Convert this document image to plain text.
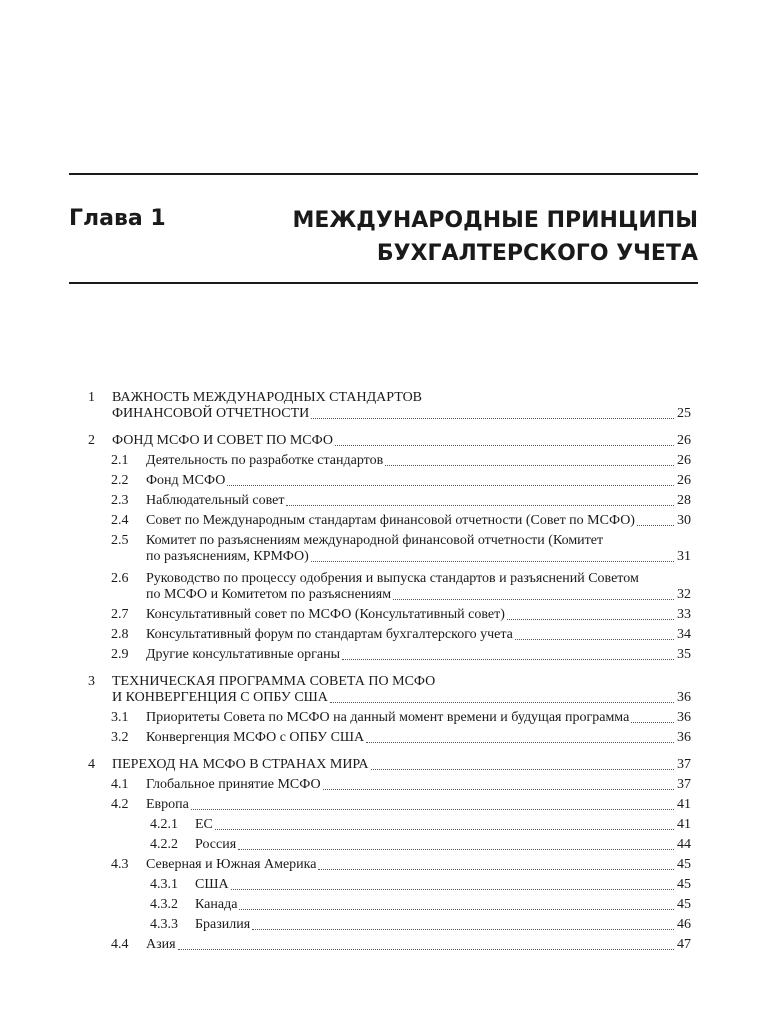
Глава 1	МЕЖДУНАРОДНЫЕ ПРИНЦИПЫ
БУХГАЛТЕРСКОГО УЧЕТА
1 ВАЖНОСТЬ МЕЖДУНАРОДНЫХ СТАНДАРТОВ
ФИНАНСОВОЙ ОТЧЕТНОСТИ	25
2 ФОНД МСФО И СОВЕТ ПО МСФО	26
2.1 Деятельность по разработке стандартов	26
2.2 Фонд МСФО	26
2.3 Наблюдательный совет	28
2.4 Совет по Международным стандартам финансовой отчетности (Совет по МСФО)	30
2.5 Комитет по разъяснениям международной финансовой отчетности (Комитет
по разъяснениям, КРМФО)	31
2.6 Руководство по процессу одобрения и выпуска стандартов и разъяснений Советом
по МСФО и Комитетом по разъяснениям	32
2.7 Консультативный совет по МСФО (Консультативный совет)	33
2.8 Консультативный форум по стандартам бухгалтерского учета	34
2.9 Другие консультативные органы	35
3 ТЕХНИЧЕСКАЯ ПРОГРАММА СОВЕТА ПО МСФО
И КОНВЕРГЕНЦИЯ С ОПБУ США	36
3.1 Приоритеты Совета по МСФО на данный момент времени и будущая программа	36
3.2 Конвергенция МСФО с ОПБУ США	36
4 ПЕРЕХОД НА МСФО В СТРАНАХ МИРА	37
4.1 Глобальное принятие МСФО	37
4.2 Европа	41
4.2.1 ЕС	41
4.2.2 Россия	44
4.3 Северная и Южная Америка	45
4.3.1 США	45
4.3.2 Канада	45
4.3.3 Бразилия	46
4.4 Азия	47
